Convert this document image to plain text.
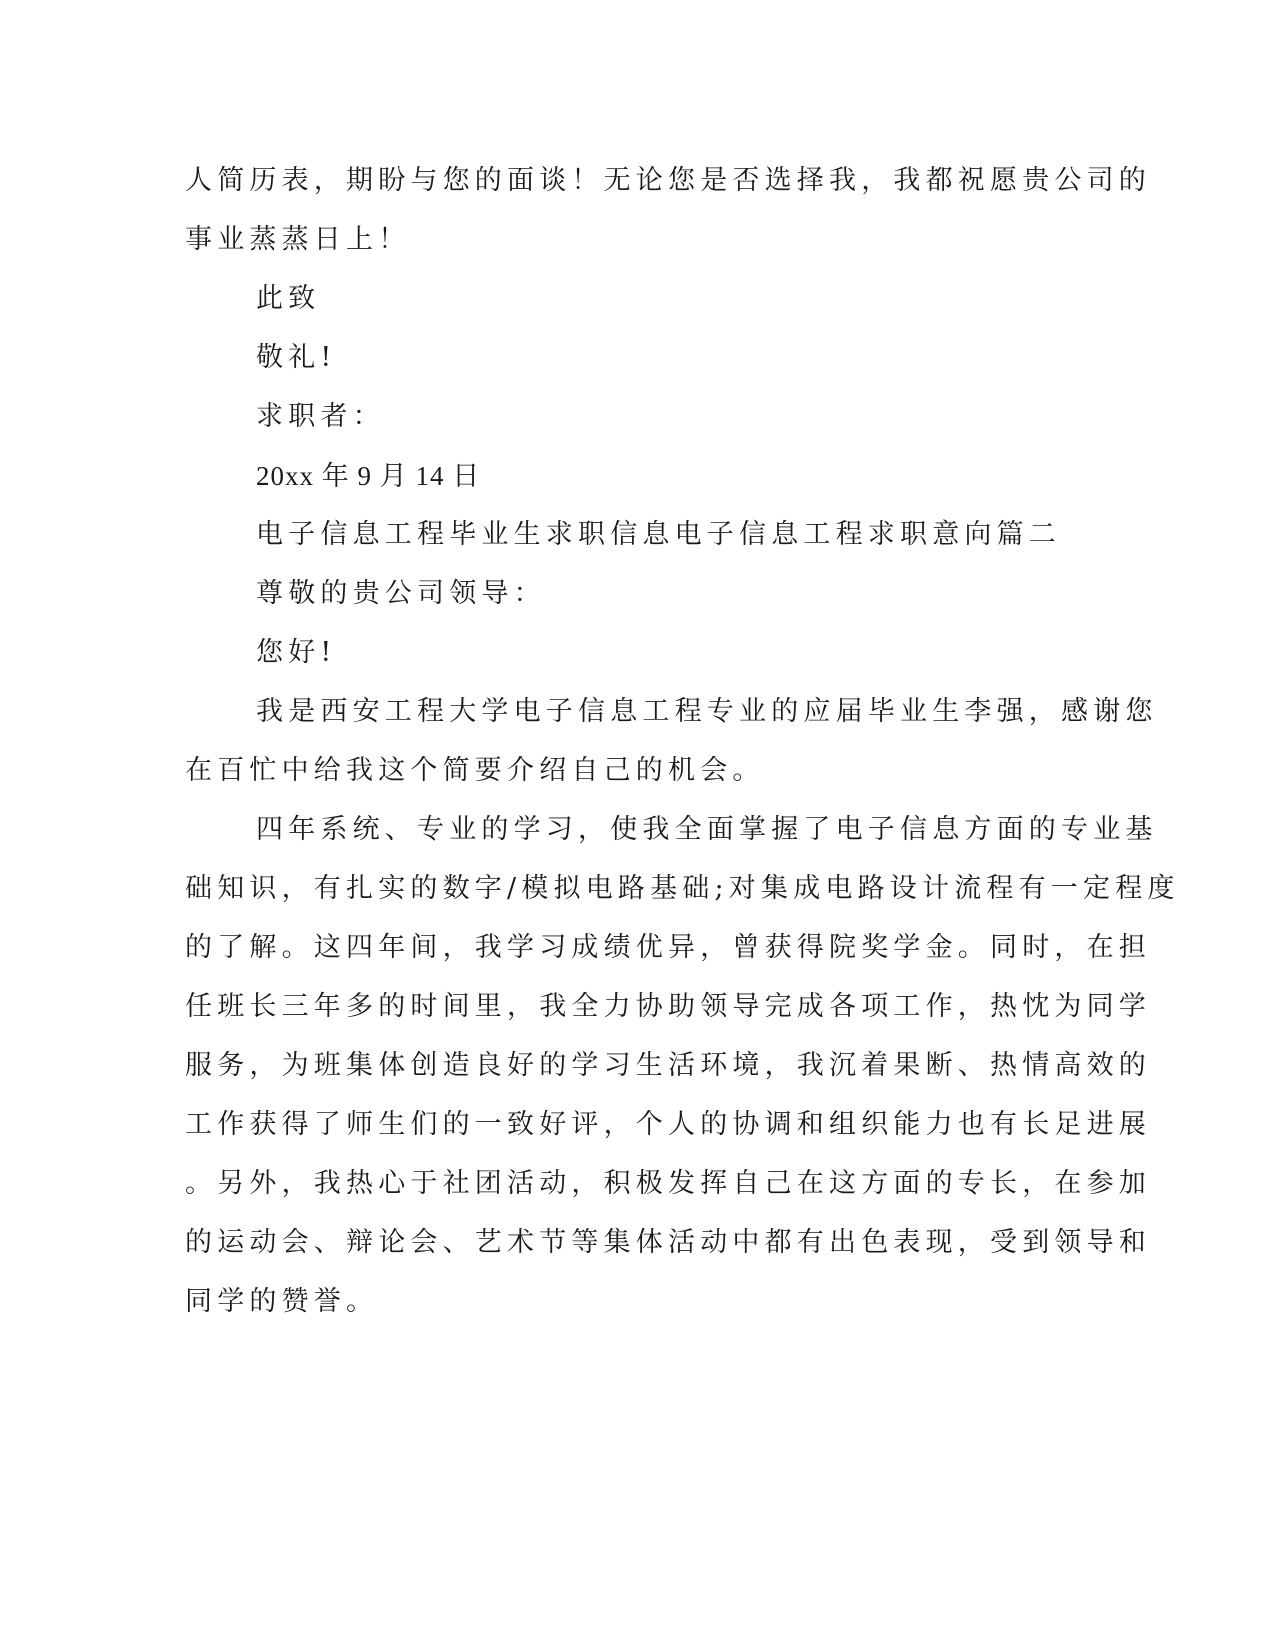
人简历表，期盼与您的面谈！无论您是否选择我，我都祝愿贵公司的
事业蒸蒸日上！
此致
敬礼!
求职者：
20xx 年 9 月 14 日
电子信息工程毕业生求职信息电子信息工程求职意向篇二
尊敬的贵公司领导：
您好!
我是西安工程大学电子信息工程专业的应届毕业生李强，感谢您
在百忙中给我这个简要介绍自己的机会。
四年系统、专业的学习，使我全面掌握了电子信息方面的专业基
础知识，有扎实的数字/模拟电路基础;对集成电路设计流程有一定程度
的了解。这四年间，我学习成绩优异，曾获得院奖学金。同时，在担
任班长三年多的时间里，我全力协助领导完成各项工作，热忱为同学
服务，为班集体创造良好的学习生活环境，我沉着果断、热情高效的
工作获得了师生们的一致好评，个人的协调和组织能力也有长足进展
。另外，我热心于社团活动，积极发挥自己在这方面的专长，在参加
的运动会、辩论会、艺术节等集体活动中都有出色表现，受到领导和
同学的赞誉。
